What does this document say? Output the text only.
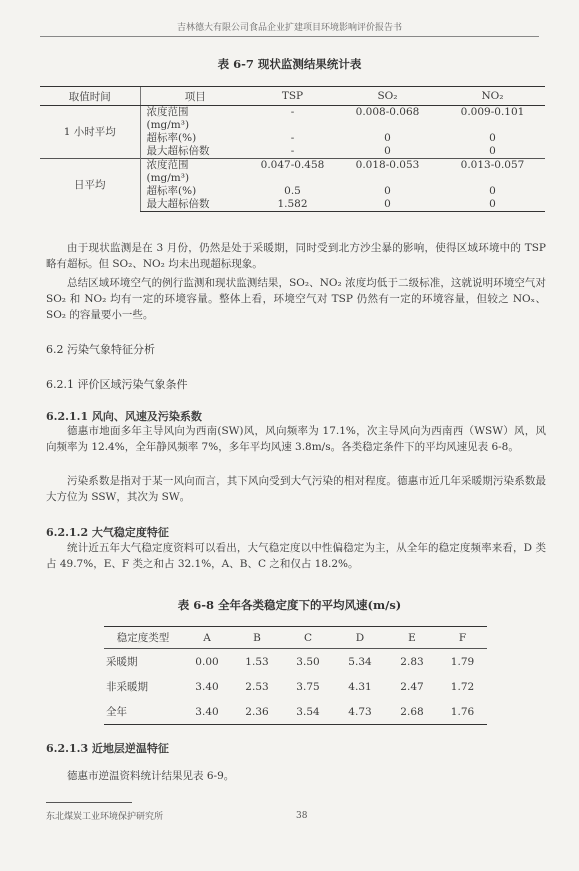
吉林德大有限公司食品企业扩建项目环境影响评价报告书
表 6-7 现状监测结果统计表
取值时间	项目	TSP	SO₂	NO₂
1 小时平均	浓度范围	-	0.008-0.068	0.009-0.101
	(mg/m³)			
	超标率(%)	-	0	0
	最大超标倍数	-	0	0
日平均	浓度范围	0.047-0.458	0.018-0.053	0.013-0.057
	(mg/m³)			
	超标率(%)	0.5	0	0
	最大超标倍数	1.582	0	0

由于现状监测是在 3 月份，仍然是处于采暖期，同时受到北方沙尘暴的影响，使得区域环境中的 TSP 略有超标。但 SO₂、NO₂ 均未出现超标现象。

总结区域环境空气的例行监测和现状监测结果，SO₂、NO₂ 浓度均低于二级标准，这就说明环境空气对 SO₂ 和 NO₂ 均有一定的环境容量。整体上看，环境空气对 TSP 仍然有一定的环境容量，但较之 NOₓ、SO₂ 的容量要小一些。

6.2 污染气象特征分析
6.2.1 评价区域污染气象条件
6.2.1.1 风向、风速及污染系数

德惠市地面多年主导风向为西南(SW)风，风向频率为 17.1%，次主导风向为西南西（WSW）风，风向频率为 12.4%，全年静风频率 7%，多年平均风速 3.8m/s。各类稳定条件下的平均风速见表 6-8。

污染系数是指对于某一风向而言，其下风向受到大气污染的相对程度。德惠市近几年采暖期污染系数最大方位为 SSW，其次为 SW。

6.2.1.2 大气稳定度特征

统计近五年大气稳定度资料可以看出，大气稳定度以中性偏稳定为主，从全年的稳定度频率来看，D 类占 49.7%，E、F 类之和占 32.1%，A、B、C 之和仅占 18.2%。

表 6-8 全年各类稳定度下的平均风速(m/s)
稳定度类型	A	B	C	D	E	F
采暖期	0.00	1.53	3.50	5.34	2.83	1.79
非采暖期	3.40	2.53	3.75	4.31	2.47	1.72
全年	3.40	2.36	3.54	4.73	2.68	1.76
6.2.1.3 近地层逆温特征

德惠市逆温资料统计结果见表 6-9。

东北煤炭工业环境保护研究所	38
